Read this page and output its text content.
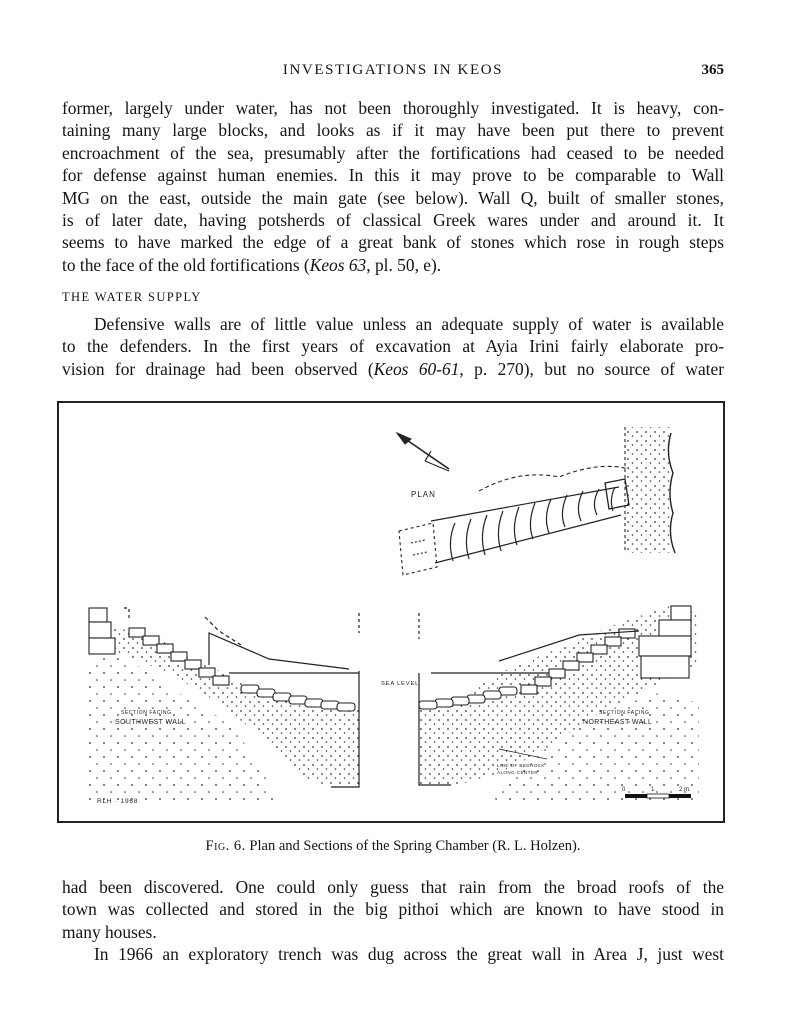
INVESTIGATIONS IN KEOS	365
former, largely under water, has not been thoroughly investigated. It is heavy, con-
taining many large blocks, and looks as if it may have been put there to prevent
encroachment of the sea, presumably after the fortifications had ceased to be needed
for defense against human enemies. In this it may prove to be comparable to Wall
MG on the east, outside the main gate (see below). Wall Q, built of smaller stones,
is of later date, having potsherds of classical Greek wares under and around it. It
seems to have marked the edge of a great bank of stones which rose in rough steps
to the face of the old fortifications (Keos 63, pl. 50, e).
THE WATER SUPPLY
Defensive walls are of little value unless an adequate supply of water is available
to the defenders. In the first years of excavation at Ayia Irini fairly elaborate pro-
vision for drainage had been observed (Keos 60-61, p. 270), but no source of water
PLAN
SEA LEVEL
SECTION FACING
SOUTHWEST WALL
SECTION FACING
NORTHEAST WALL
LINE OF BEDROCK
ALONG CENTER
RLH · 1968
0	1	2 m.
Fig. 6. Plan and Sections of the Spring Chamber (R. L. Holzen).
had been discovered. One could only guess that rain from the broad roofs of the
town was collected and stored in the big pithoi which are known to have stood in
many houses.
In 1966 an exploratory trench was dug across the great wall in Area J, just west
